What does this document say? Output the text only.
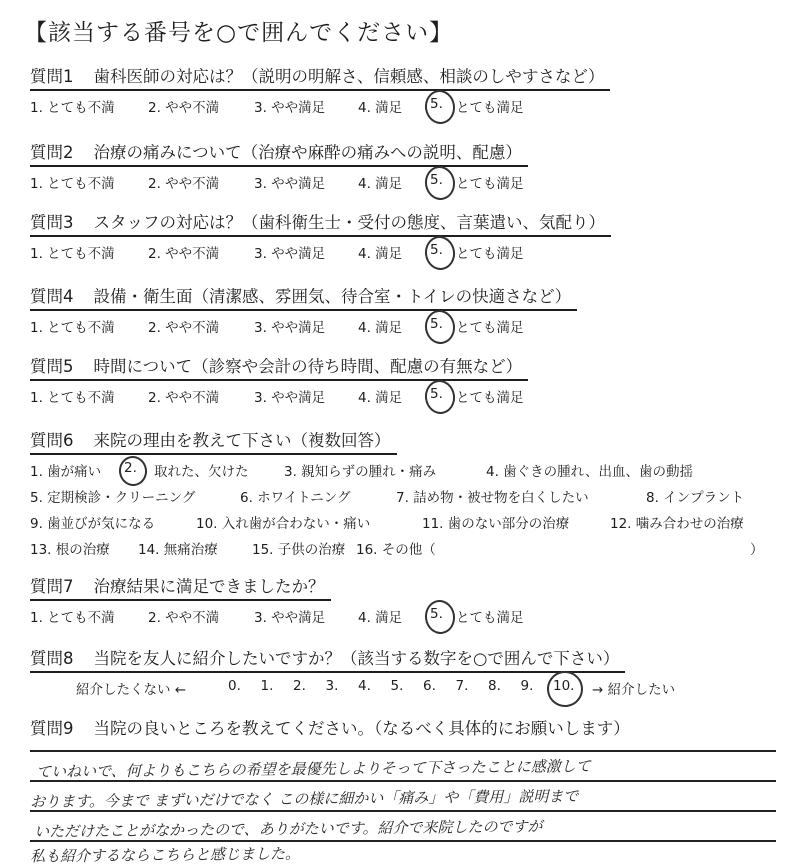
【該当する番号を○で囲んでください】
質問1 歯科医師の対応は？（説明の明解さ、信頼感、相談のしやすさなど）
1. とても不満 2. やや不満	3. やや満足 4. 満足 5. とても満足
質問2 治療の痛みについて（治療や麻酔の痛みへの説明、配慮）
1. とても不満 2. やや不満	3. やや満足 4. 満足 5. とても満足
質問3 スタッフの対応は？（歯科衛生士・受付の態度、言葉遣い、気配り）
1. とても不満 2. やや不満	3. やや満足 4. 満足 5. とても満足
質問4 設備・衛生面（清潔感、雰囲気、待合室・トイレの快適さなど）
1. とても不満 2. やや不満	3. やや満足 4. 満足 5. とても満足
質問5 時間について（診察や会計の待ち時間、配慮の有無など）
1. とても不満 2. やや不満	3. やや満足 4. 満足 5. とても満足
質問6 来院の理由を教えて下さい（複数回答）
1. 歯が痛い 2. 取れた、欠けた	3. 親知らずの腫れ・痛み	4. 歯ぐきの腫れ、出血、歯の動揺
5. 定期検診・クリーニング	6. ホワイトニング	7. 詰め物・被せ物を白くしたい	8. インプラント
9. 歯並びが気になる	10. 入れ歯が合わない・痛い	11. 歯のない部分の治療	12. 噛み合わせの治療
13. 根の治療 14. 無痛治療	15. 子供の治療 16. その他（	）
質問7 治療結果に満足できましたか？
1. とても不満 2. やや不満	3. やや満足 4. 満足 5. とても満足
質問8 当院を友人に紹介したいですか？（該当する数字を○で囲んで下さい）
紹介したくない ←	0. 1. 2. 3. 4. 5. 6. 7. 8. 9. 10. → 紹介したい
質問9 当院の良いところを教えてください。（なるべく具体的にお願いします）
ていねいで、何よりもこちらの希望を最優先しよりそって下さったことに感激して
おります。今まで まずいだけでなく この様に細かい「痛み」や「費用」説明まで
いただけたことがなかったので、ありがたいです。紹介で来院したのですが
私も紹介するならこちらと感じました。
